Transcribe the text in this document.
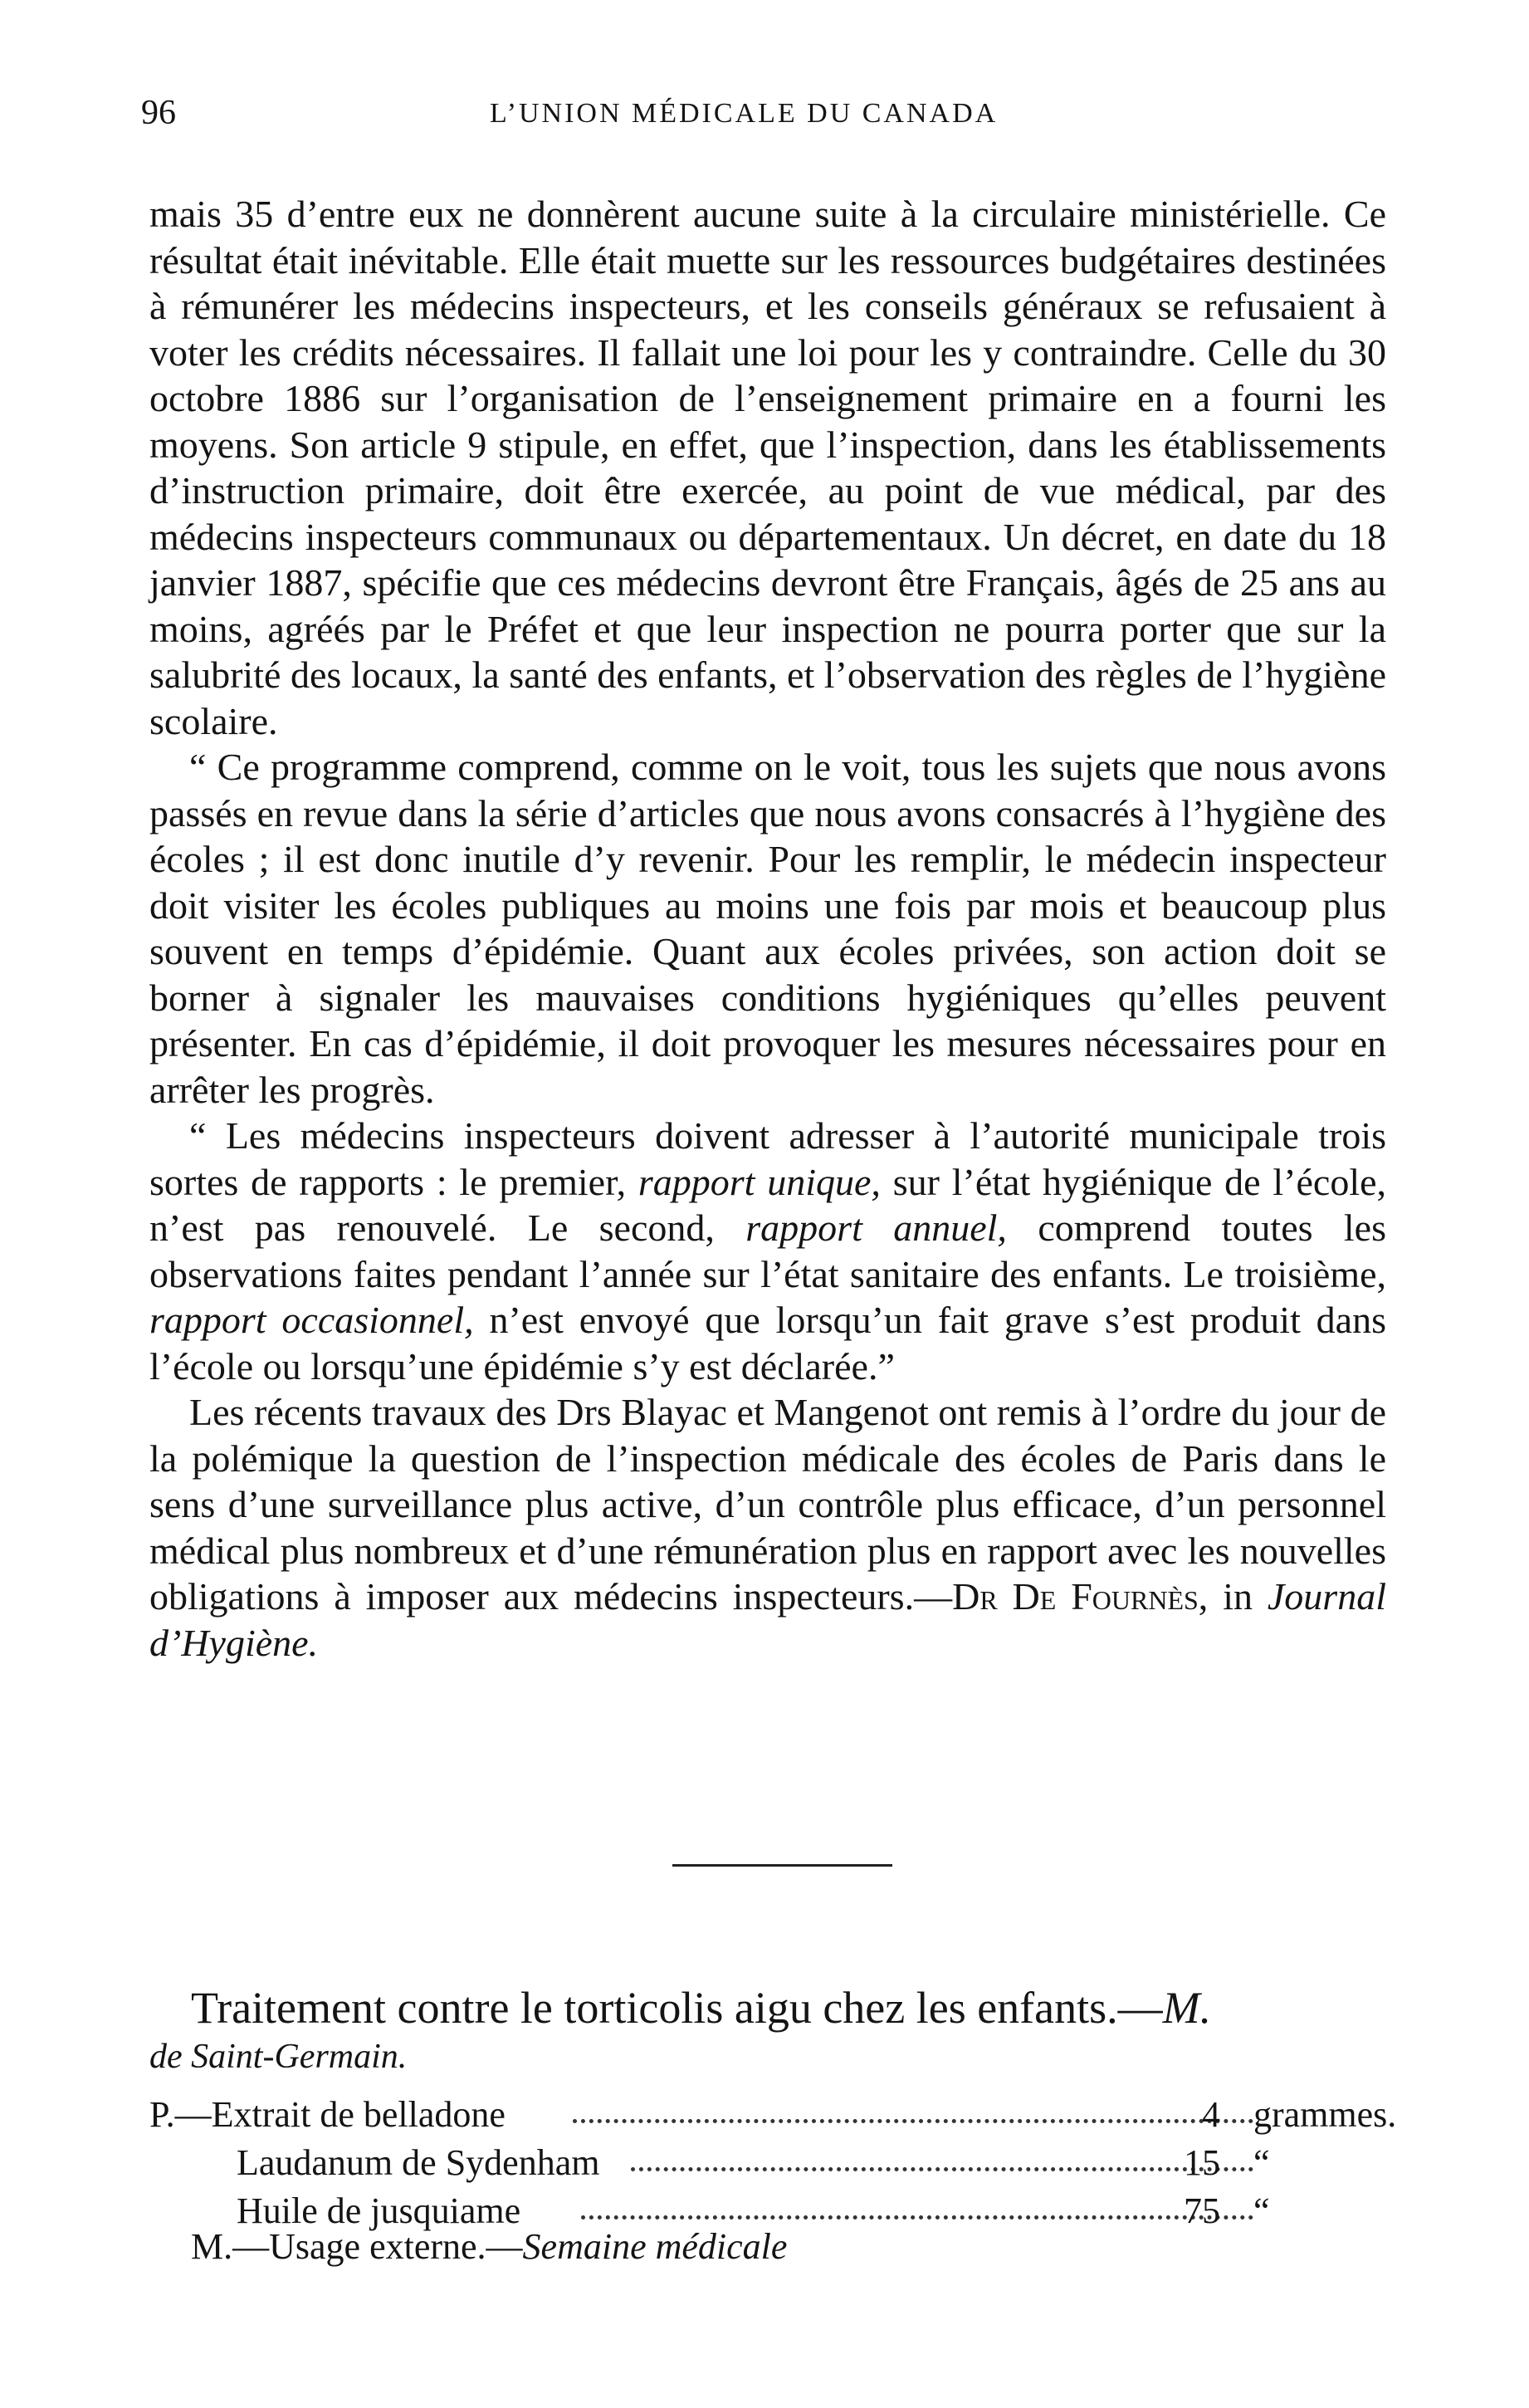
96	L’UNION MÉDICALE DU CANADA

mais 35 d’entre eux ne donnèrent aucune suite à la circulaire ministérielle. Ce résultat était inévitable. Elle était muette sur les ressources budgétaires destinées à rémunérer les médecins inspecteurs, et les conseils généraux se refusaient à voter les crédits nécessaires. Il fallait une loi pour les y contraindre. Celle du 30 octobre 1886 sur l’organisation de l’enseignement primaire en a fourni les moyens. Son article 9 stipule, en effet, que l’inspection, dans les établissements d’instruction primaire, doit être exercée, au point de vue médical, par des médecins inspecteurs communaux ou départementaux. Un décret, en date du 18 janvier 1887, spécifie que ces médecins devront être Français, âgés de 25 ans au moins, agréés par le Préfet et que leur inspection ne pourra porter que sur la salubrité des locaux, la santé des enfants, et l’observation des règles de l’hygiène scolaire.

“ Ce programme comprend, comme on le voit, tous les sujets que nous avons passés en revue dans la série d’articles que nous avons consacrés à l’hygiène des écoles ; il est donc inutile d’y revenir. Pour les remplir, le médecin inspecteur doit visiter les écoles publiques au moins une fois par mois et beaucoup plus souvent en temps d’épidémie. Quant aux écoles privées, son action doit se borner à signaler les mauvaises conditions hygiéniques qu’elles peuvent présenter. En cas d’épidémie, il doit provoquer les mesures nécessaires pour en arrêter les progrès.

“ Les médecins inspecteurs doivent adresser à l’autorité municipale trois sortes de rapports : le premier, rapport unique, sur l’état hygiénique de l’école, n’est pas renouvelé. Le second, rapport annuel, comprend toutes les observations faites pendant l’année sur l’état sanitaire des enfants. Le troisième, rapport occasionnel, n’est envoyé que lorsqu’un fait grave s’est produit dans l’école ou lorsqu’une épidémie s’y est déclarée.”

Les récents travaux des Drs Blayac et Mangenot ont remis à l’ordre du jour de la polémique la question de l’inspection médicale des écoles de Paris dans le sens d’une surveillance plus active, d’un contrôle plus efficace, d’un personnel médical plus nombreux et d’une rémunération plus en rapport avec les nouvelles obligations à imposer aux médecins inspecteurs.—Dr De Fournès, in Journal d’Hygiène.

Traitement contre le torticolis aigu chez les enfants.—M.
de Saint-Germain.
P.—Extrait de belladone	4 grammes.
Laudanum de Sydenham	15 “
Huile de jusquiame	75 “
M.—Usage externe.—Semaine médicale
